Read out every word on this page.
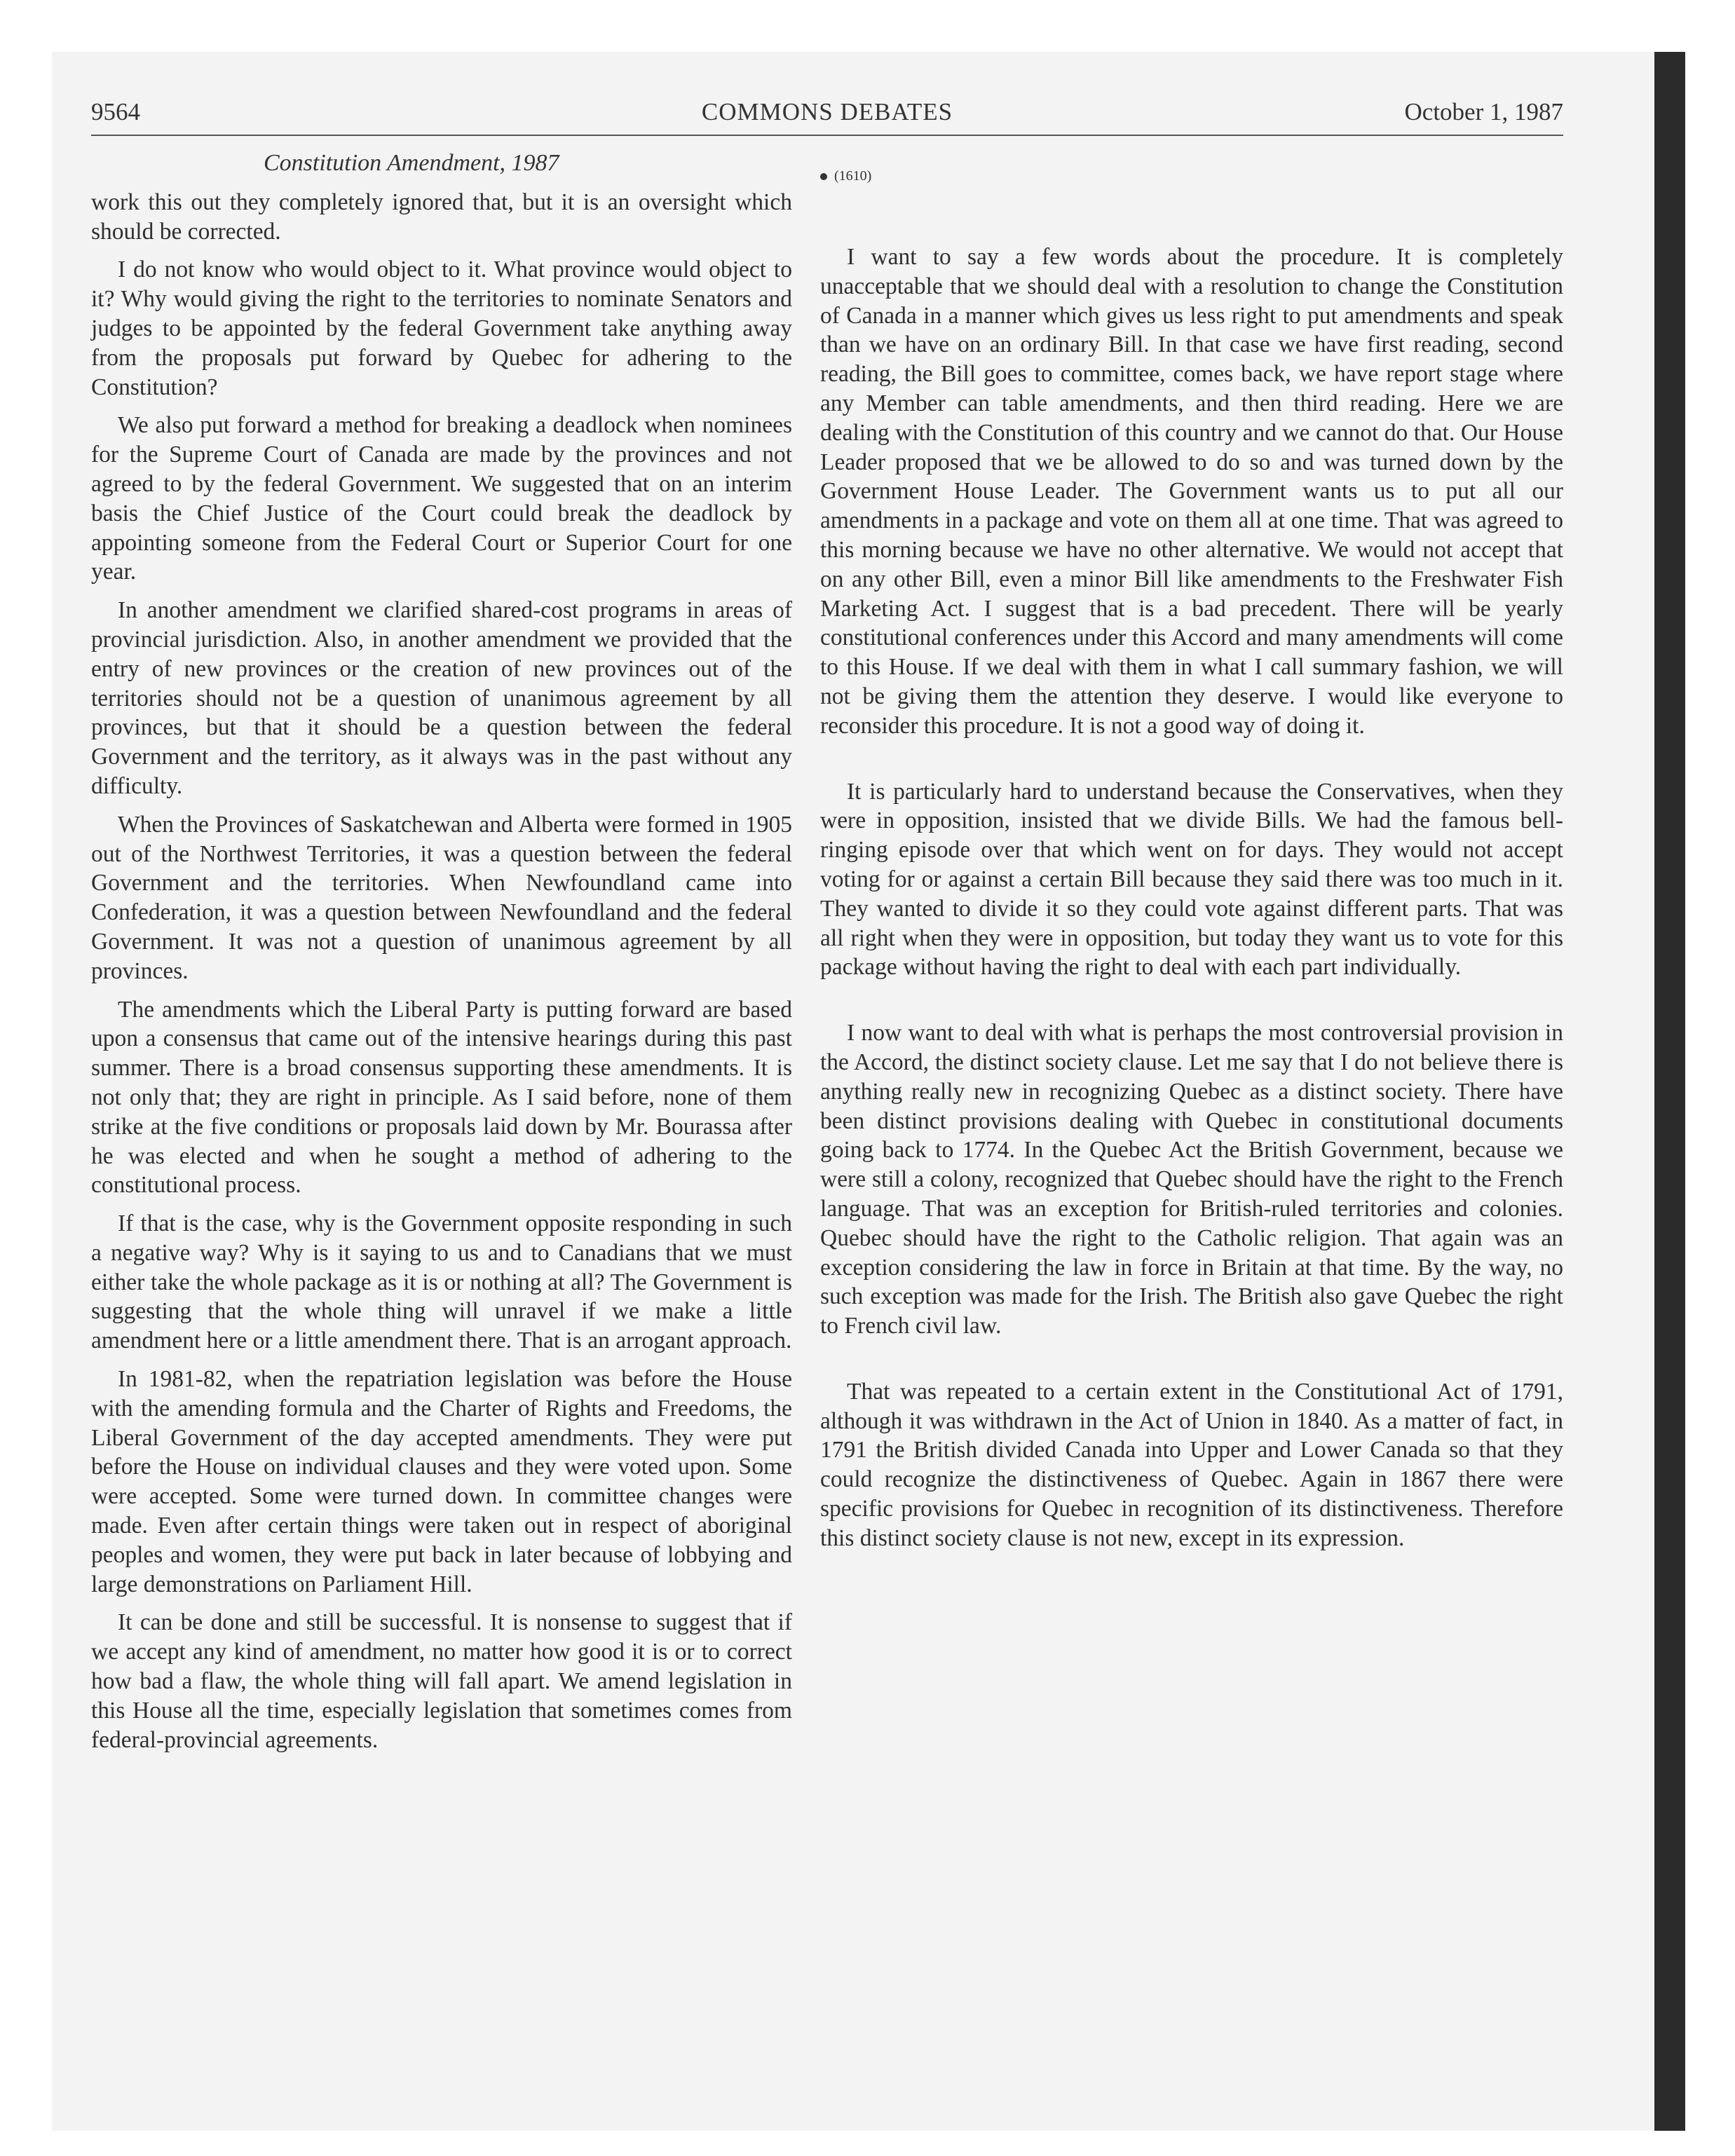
9564	COMMONS DEBATES	October 1, 1987
Constitution Amendment, 1987

work this out they completely ignored that, but it is an oversight which should be corrected.

I do not know who would object to it. What province would object to it? Why would giving the right to the territories to nominate Senators and judges to be appointed by the federal Government take anything away from the proposals put forward by Quebec for adhering to the Constitution?

We also put forward a method for breaking a deadlock when nominees for the Supreme Court of Canada are made by the provinces and not agreed to by the federal Government. We suggested that on an interim basis the Chief Justice of the Court could break the deadlock by appointing someone from the Federal Court or Superior Court for one year.

In another amendment we clarified shared-cost programs in areas of provincial jurisdiction. Also, in another amendment we provided that the entry of new provinces or the creation of new provinces out of the territories should not be a question of unanimous agreement by all provinces, but that it should be a question between the federal Government and the territory, as it always was in the past without any difficulty.

When the Provinces of Saskatchewan and Alberta were formed in 1905 out of the Northwest Territories, it was a question between the federal Government and the territories. When Newfoundland came into Confederation, it was a question between Newfoundland and the federal Government. It was not a question of unanimous agreement by all provinces.

The amendments which the Liberal Party is putting forward are based upon a consensus that came out of the intensive hearings during this past summer. There is a broad consensus supporting these amendments. It is not only that; they are right in principle. As I said before, none of them strike at the five conditions or proposals laid down by Mr. Bourassa after he was elected and when he sought a method of adhering to the constitutional process.

If that is the case, why is the Government opposite responding in such a negative way? Why is it saying to us and to Canadians that we must either take the whole package as it is or nothing at all? The Government is suggesting that the whole thing will unravel if we make a little amendment here or a little amendment there. That is an arrogant approach.

In 1981-82, when the repatriation legislation was before the House with the amending formula and the Charter of Rights and Freedoms, the Liberal Government of the day accepted amendments. They were put before the House on individual clauses and they were voted upon. Some were accepted. Some were turned down. In committee changes were made. Even after certain things were taken out in respect of aboriginal peoples and women, they were put back in later because of lobbying and large demonstrations on Parliament Hill.

It can be done and still be successful. It is nonsense to suggest that if we accept any kind of amendment, no matter how good it is or to correct how bad a flaw, the whole thing will fall apart. We amend legislation in this House all the time, especially legislation that sometimes comes from federal-provincial agreements.

(1610)

I want to say a few words about the procedure. It is completely unacceptable that we should deal with a resolution to change the Constitution of Canada in a manner which gives us less right to put amendments and speak than we have on an ordinary Bill. In that case we have first reading, second reading, the Bill goes to committee, comes back, we have report stage where any Member can table amendments, and then third reading. Here we are dealing with the Constitution of this country and we cannot do that. Our House Leader proposed that we be allowed to do so and was turned down by the Government House Leader. The Government wants us to put all our amendments in a package and vote on them all at one time. That was agreed to this morning because we have no other alternative. We would not accept that on any other Bill, even a minor Bill like amendments to the Freshwater Fish Marketing Act. I suggest that is a bad precedent. There will be yearly constitutional conferences under this Accord and many amendments will come to this House. If we deal with them in what I call summary fashion, we will not be giving them the attention they deserve. I would like everyone to reconsider this procedure. It is not a good way of doing it.

It is particularly hard to understand because the Conservatives, when they were in opposition, insisted that we divide Bills. We had the famous bell-ringing episode over that which went on for days. They would not accept voting for or against a certain Bill because they said there was too much in it. They wanted to divide it so they could vote against different parts. That was all right when they were in opposition, but today they want us to vote for this package without having the right to deal with each part individually.

I now want to deal with what is perhaps the most controversial provision in the Accord, the distinct society clause. Let me say that I do not believe there is anything really new in recognizing Quebec as a distinct society. There have been distinct provisions dealing with Quebec in constitutional documents going back to 1774. In the Quebec Act the British Government, because we were still a colony, recognized that Quebec should have the right to the French language. That was an exception for British-ruled territories and colonies. Quebec should have the right to the Catholic religion. That again was an exception considering the law in force in Britain at that time. By the way, no such exception was made for the Irish. The British also gave Quebec the right to French civil law.

That was repeated to a certain extent in the Constitutional Act of 1791, although it was withdrawn in the Act of Union in 1840. As a matter of fact, in 1791 the British divided Canada into Upper and Lower Canada so that they could recognize the distinctiveness of Quebec. Again in 1867 there were specific provisions for Quebec in recognition of its distinctiveness. Therefore this distinct society clause is not new, except in its expression.
